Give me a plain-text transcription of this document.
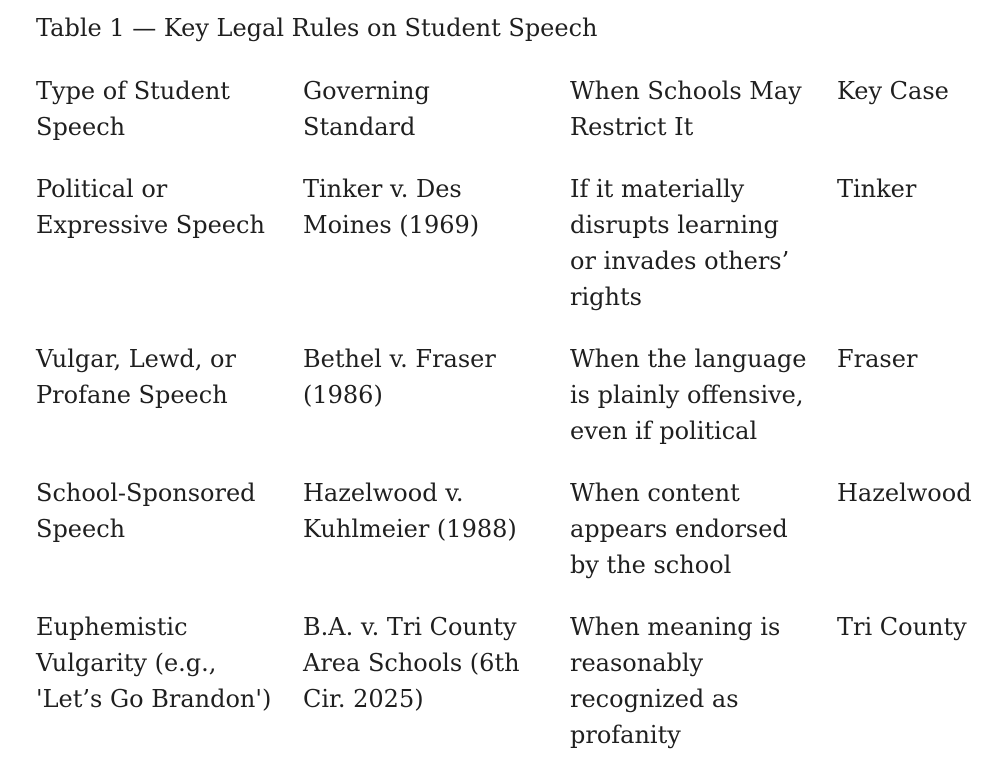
Table 1 — Key Legal Rules on Student Speech
Type of Student Speech	Governing Standard	When Schools May Restrict It	Key Case

Political or Expressive Speech	Tinker v. Des Moines (1969)	If it materially disrupts learning or invades others’ rights	Tinker

Vulgar, Lewd, or Profane Speech	Bethel v. Fraser (1986)	When the language is plainly offensive, even if political	Fraser

School-Sponsored Speech	Hazelwood v. Kuhlmeier (1988)	When content appears endorsed by the school	Hazelwood

Euphemistic Vulgarity (e.g., 'Let’s Go Brandon')	B.A. v. Tri County Area Schools (6th Cir. 2025)	When meaning is reasonably recognized as profanity	Tri County
